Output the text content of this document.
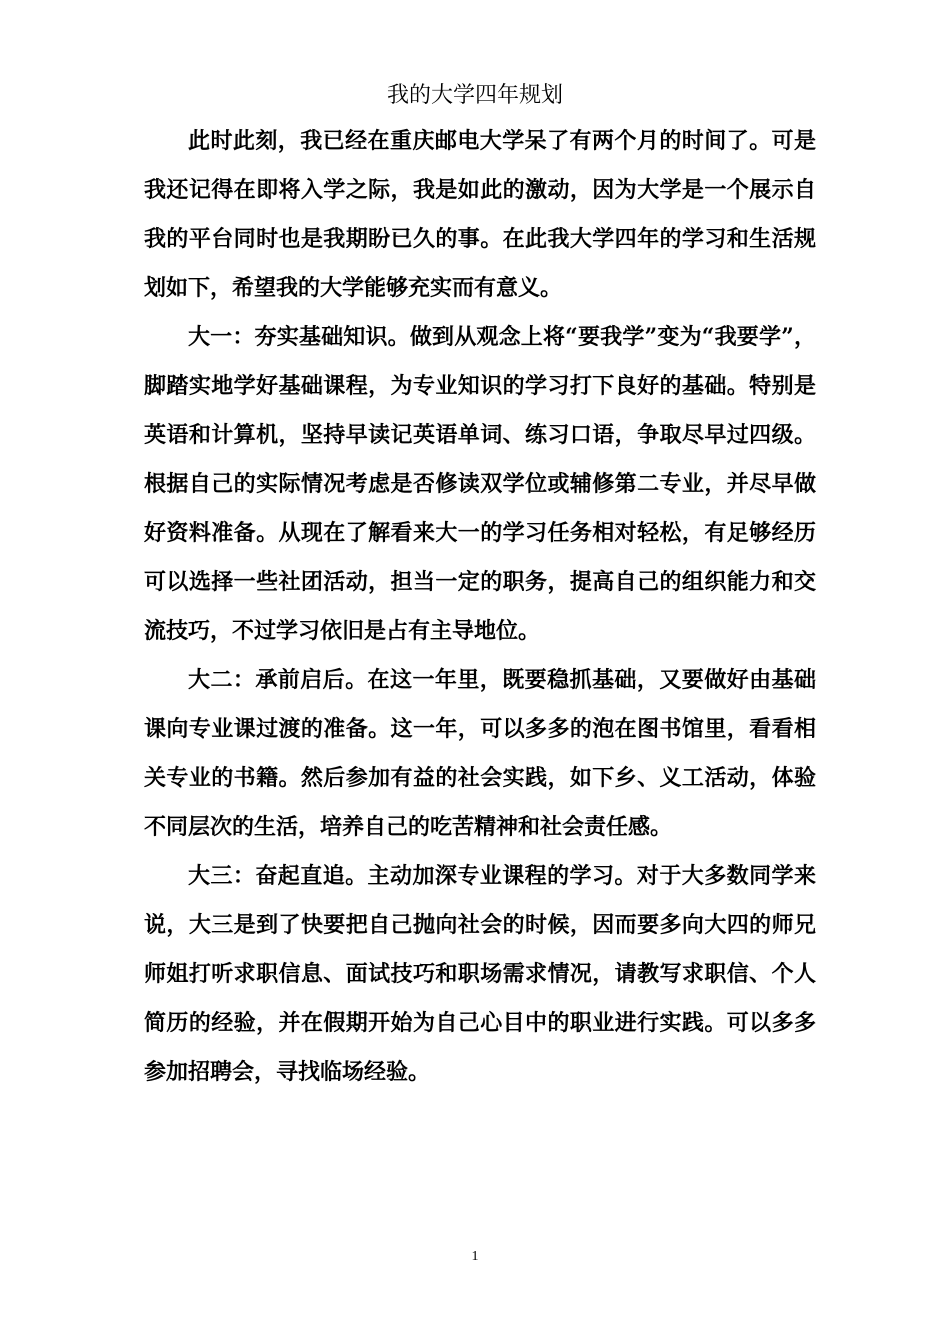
我的大学四年规划

此时此刻，我已经在重庆邮电大学呆了有两个月的时间了。可是我还记得在即将入学之际，我是如此的激动，因为大学是一个展示自我的平台同时也是我期盼已久的事。在此我大学四年的学习和生活规划如下，希望我的大学能够充实而有意义。

大一：夯实基础知识。做到从观念上将“要我学”变为“我要学”，脚踏实地学好基础课程，为专业知识的学习打下良好的基础。特别是英语和计算机，坚持早读记英语单词、练习口语，争取尽早过四级。根据自己的实际情况考虑是否修读双学位或辅修第二专业，并尽早做好资料准备。从现在了解看来大一的学习任务相对轻松，有足够经历可以选择一些社团活动，担当一定的职务，提高自己的组织能力和交流技巧，不过学习依旧是占有主导地位。

大二：承前启后。在这一年里，既要稳抓基础，又要做好由基础课向专业课过渡的准备。这一年，可以多多的泡在图书馆里，看看相关专业的书籍。然后参加有益的社会实践，如下乡、义工活动，体验不同层次的生活，培养自己的吃苦精神和社会责任感。

大三：奋起直追。主动加深专业课程的学习。对于大多数同学来说，大三是到了快要把自己抛向社会的时候，因而要多向大四的师兄师姐打听求职信息、面试技巧和职场需求情况，请教写求职信、个人简历的经验，并在假期开始为自己心目中的职业进行实践。可以多多参加招聘会，寻找临场经验。

1
